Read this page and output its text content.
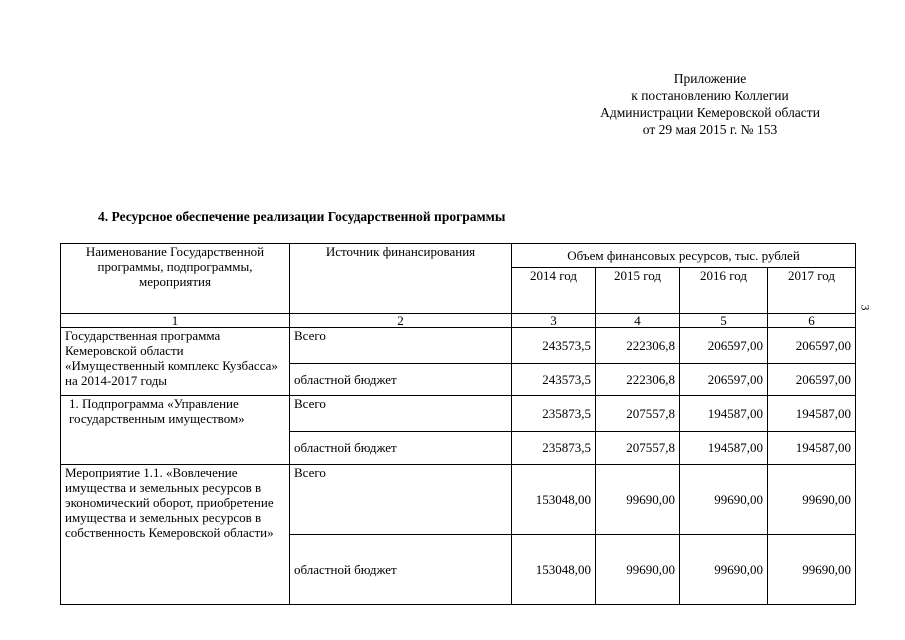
Приложение
к постановлению Коллегии
Администрации Кемеровской области
от 29 мая 2015 г. № 153
3
4. Ресурсное обеспечение реализации Государственной программы
Наименование Государственной программы, подпрограммы, мероприятия	Источник финансирования	Объем финансовых ресурсов, тыс. рублей			
		2014 год	2015 год	2016 год	2017 год
1	2	3	4	5	6
Государственная программа Кемеровской области «Имущественный комплекс Кузбасса» на 2014-2017 годы	Всего	243573,5	222306,8	206597,00	206597,00
	областной бюджет	243573,5	222306,8	206597,00	206597,00
1. Подпрограмма «Управление государственным имуществом»	Всего	235873,5	207557,8	194587,00	194587,00
	областной бюджет	235873,5	207557,8	194587,00	194587,00
Мероприятие 1.1. «Вовлечение имущества и земельных ресурсов в экономический оборот, приобретение имущества и земельных ресурсов в собственность Кемеровской области»	Всего	153048,00	99690,00	99690,00	99690,00
	областной бюджет	153048,00	99690,00	99690,00	99690,00
